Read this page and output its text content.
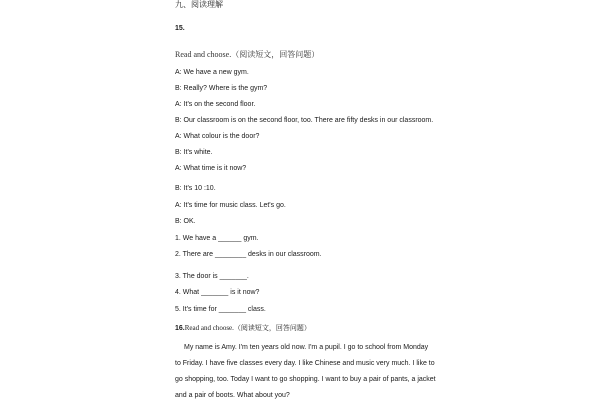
九、阅读理解
15.
Read and choose.（阅读短文，回答问题）
A: We have a new gym.
B: Really? Where is the gym?
A: It's on the second floor.
B: Our classroom is on the second floor, too. There are fifty desks in our classroom.
A: What colour is the door?
B: It's white.
A: What time is it now?
B: It's 10 :10.
A: It's time for music class. Let's go.
B: OK.
1. We have a ______ gym.
2. There are ________ desks in our classroom.
3. The door is _______.
4. What _______ is it now?
5. It's time for _______ class.
16.Read and choose.（阅读短文，回答问题）
My name is Amy. I'm ten years old now. I'm a pupil. I go to school from Monday
to Friday. I have five classes every day. I like Chinese and music very much. I like to
go shopping, too. Today I want to go shopping. I want to buy a pair of pants, a jacket
and a pair of boots. What about you?
